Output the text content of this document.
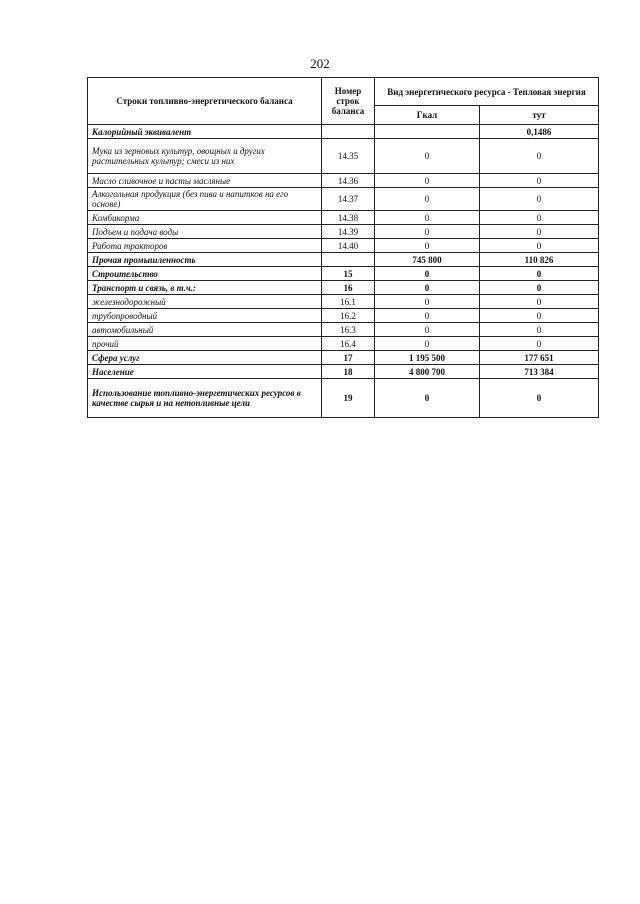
202
Строки топливно-энергетического баланса	Номер строк баланса	Вид энергетического ресурса - Тепловая энергия	
		Гкал	тут
Калорийный эквивалент			0,1486
Мука из зерновых культур, овощных и других растительных культур; смеси из них	14.35	0	0
Масло сливочное и пасты масляные	14.36	0	0
Алкогольная продукция (без пива и напитков на его основе)	14.37	0	0
Комбикорма	14.38	0	0
Подъем и подача воды	14.39	0	0
Работа тракторов	14.40	0	0
Прочая промышленность		745 800	110 826
Строительство	15	0	0
Транспорт и связь, в т.ч.:	16	0	0
железнодорожный	16.1	0	0
трубопроводный	16.2	0	0
автомобильный	16.3	0	0
прочий	16.4	0	0
Сфера услуг	17	1 195 500	177 651
Население	18	4 800 700	713 384
Использование топливно-энергетических ресурсов в качестве сырья и на нетопливные цели	19	0	0
